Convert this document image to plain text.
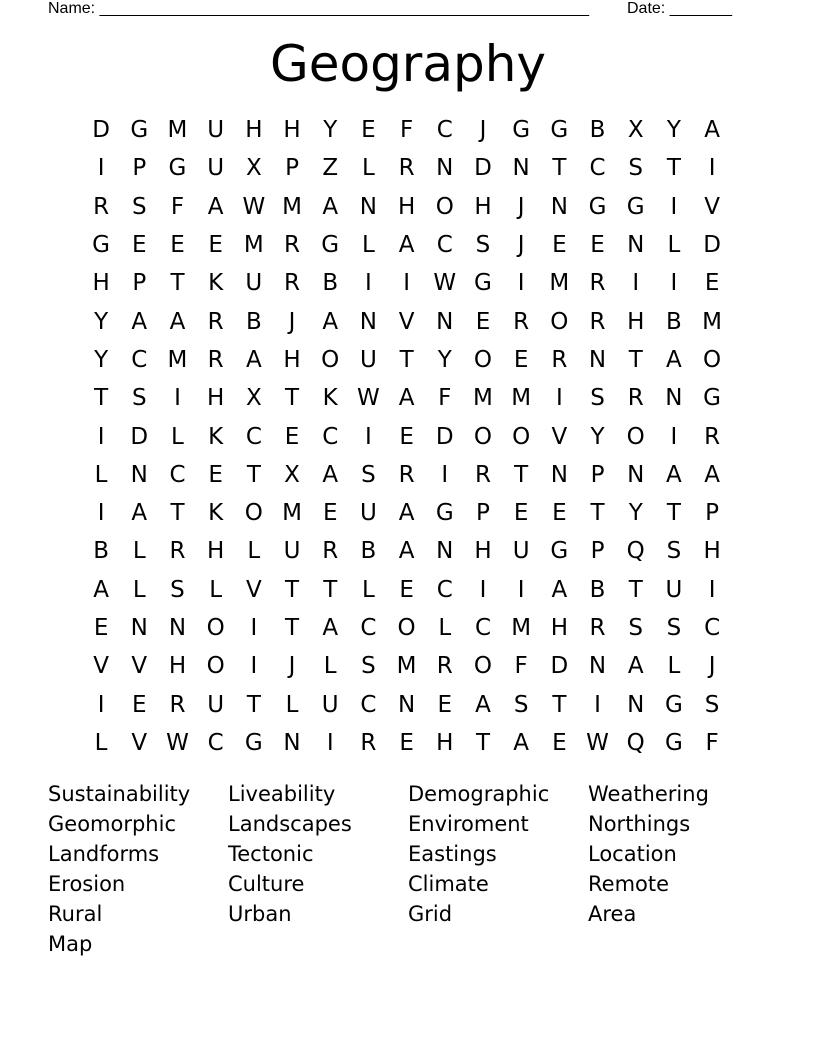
Name: _______________________________________________________ Date: _______
Geography
D G M U H H Y	E	F	C	J	G G B X	Y	A
I	P G U X	P	Z	L	R N D N T	C S	T	I
R S	F	A W M A N H O H	J	N G G	I	V
G E	E	E M R G L	A C S	J	E	E N	L D
H P	T	K U R B	I	I	W G	I	M R	I	I	E
Y	A A R B	J	A N V N E R O R H B M
Y	C M R A H O U T	Y O E R N T	A O
T	S	I	H X	T	K W A	F M M	I	S R N G
I	D L	K C E C	I	E D O O V	Y O	I	R
L	N C E	T	X A	S R	I	R	T N P N A A
I	A	T	K O M E U A G P	E	E	T	Y	T	P
B	L	R H	L	U R B A N H U G P Q S H
A	L	S	L	V	T	T	L	E C	I	I	A B	T U	I
E N N O	I	T	A C O L	C M H R S	S C
V V H O	I	J	L	S M R O F D N A	L	J
I	E R U T	L	U C N E	A	S	T	I	N G S
L	V W C G N	I	R E H T	A	E W Q G F
Sustainability	Liveability	Demographic	Weathering
Geomorphic	Landscapes	Enviroment	Northings
Landforms	Tectonic	Eastings	Location
Erosion	Culture	Climate	Remote
Rural	Urban	Grid	Area
Map
